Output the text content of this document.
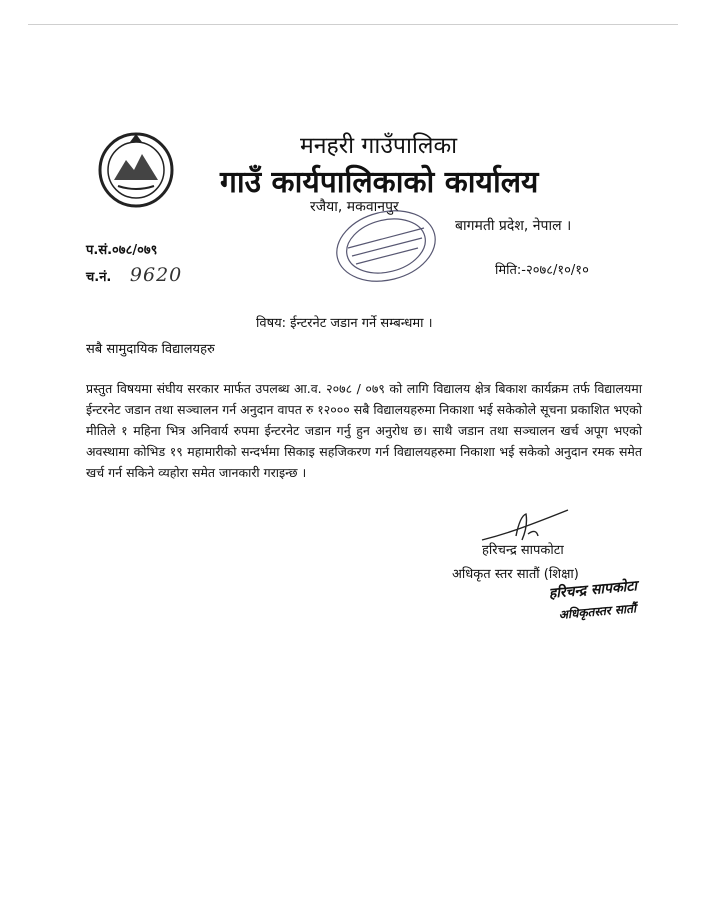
मनहरी गाउँपालिका
गाउँ कार्यपालिकाको कार्यालय
रजैया, मकवानपुर
बागमती प्रदेश, नेपाल ।
प.सं.०७८/०७९
च.नं. 9620	मिति:-२०७८/१०/१०
विषय: ईन्टरनेट जडान गर्ने सम्बन्धमा ।
सबै सामुदायिक विद्यालयहरु
प्रस्तुत विषयमा संघीय सरकार मार्फत उपलब्ध आ.व. २०७८ / ०७९ को लागि विद्यालय क्षेत्र बिकाश कार्यक्रम तर्फ विद्यालयमा ईन्टरनेट जडान तथा सञ्चालन गर्न अनुदान वापत रु १२००० सबै विद्यालयहरुमा निकाशा भई सकेकोले सूचना प्रकाशित भएको मीतिले १ महिना भित्र अनिवार्य रुपमा ईन्टरनेट जडान गर्नु हुन अनुरोध छ। साथै जडान तथा सञ्चालन खर्च अपूग भएको अवस्थामा कोभिड १९ महामारीको सन्दर्भमा सिकाइ सहजिकरण गर्न विद्यालयहरुमा निकाशा भई सकेको अनुदान रमक समेत खर्च गर्न सकिने व्यहोरा समेत जानकारी गराइन्छ ।
हरिचन्द्र सापकोटा
अधिकृत स्तर सातौं (शिक्षा)
हरिचन्द्र सापकोटा
अधिकृतस्तर सातौं
